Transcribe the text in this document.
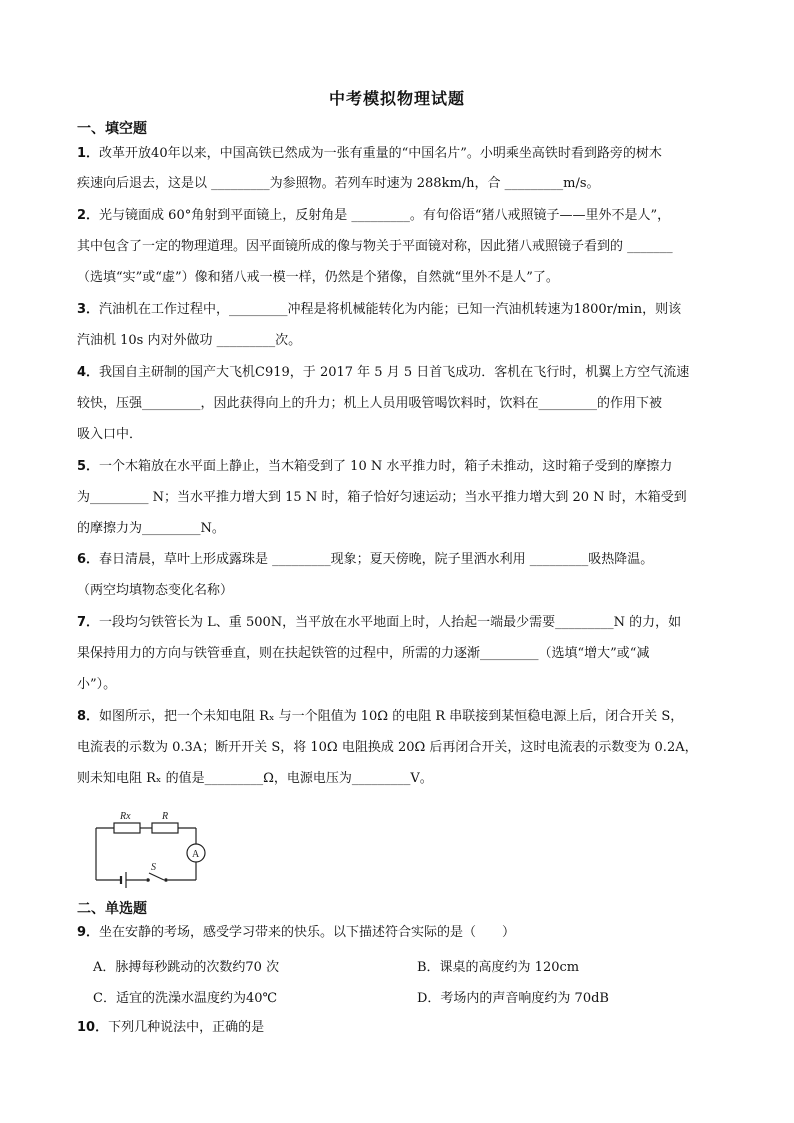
中考模拟物理试题
一、填空题
1．改革开放40年以来，中国高铁已然成为一张有重量的“中国名片”。小明乘坐高铁时看到路旁的树木
疾速向后退去，这是以 _________为参照物。若列车时速为 288km/h，合 _________m/s。
2．光与镜面成 60°角射到平面镜上，反射角是 _________。有句俗语“猪八戒照镜子——里外不是人”，
其中包含了一定的物理道理。因平面镜所成的像与物关于平面镜对称，因此猪八戒照镜子看到的 _______
（选填“实”或“虚”）像和猪八戒一模一样，仍然是个猪像，自然就“里外不是人”了。
3．汽油机在工作过程中，_________冲程是将机械能转化为内能；已知一汽油机转速为1800r/min，则该
汽油机 10s 内对外做功 _________次。
4．我国自主研制的国产大飞机C919，于 2017 年 5 月 5 日首飞成功．客机在飞行时，机翼上方空气流速
较快，压强_________，因此获得向上的升力；机上人员用吸管喝饮料时，饮料在_________的作用下被
吸入口中．
5．一个木箱放在水平面上静止，当木箱受到了 10 N 水平推力时，箱子未推动，这时箱子受到的摩擦力
为_________ N；当水平推力增大到 15 N 时，箱子恰好匀速运动；当水平推力增大到 20 N 时，木箱受到
的摩擦力为_________N。
6．春日清晨，草叶上形成露珠是 _________现象；夏天傍晚，院子里洒水利用 _________吸热降温。
（两空均填物态变化名称）
7．一段均匀铁管长为 L、重 500N，当平放在水平地面上时，人抬起一端最少需要_________N 的力，如
果保持用力的方向与铁管垂直，则在扶起铁管的过程中，所需的力逐渐_________（选填“增大”或“减
小”）。
8．如图所示，把一个未知电阻 Rₓ 与一个阻值为 10Ω 的电阻 R 串联接到某恒稳电源上后，闭合开关 S，
电流表的示数为 0.3A；断开开关 S，将 10Ω 电阻换成 20Ω 后再闭合开关，这时电流表的示数变为 0.2A，
则未知电阻 Rₓ 的值是_________Ω，电源电压为_________V。
Rx	R
A
S
二、单选题
9．坐在安静的考场，感受学习带来的快乐。以下描述符合实际的是（　　）
A．脉搏每秒跳动的次数约70 次	B．课桌的高度约为 120cm
C．适宜的洗澡水温度约为40℃	D．考场内的声音响度约为 70dB
10．下列几种说法中，正确的是
